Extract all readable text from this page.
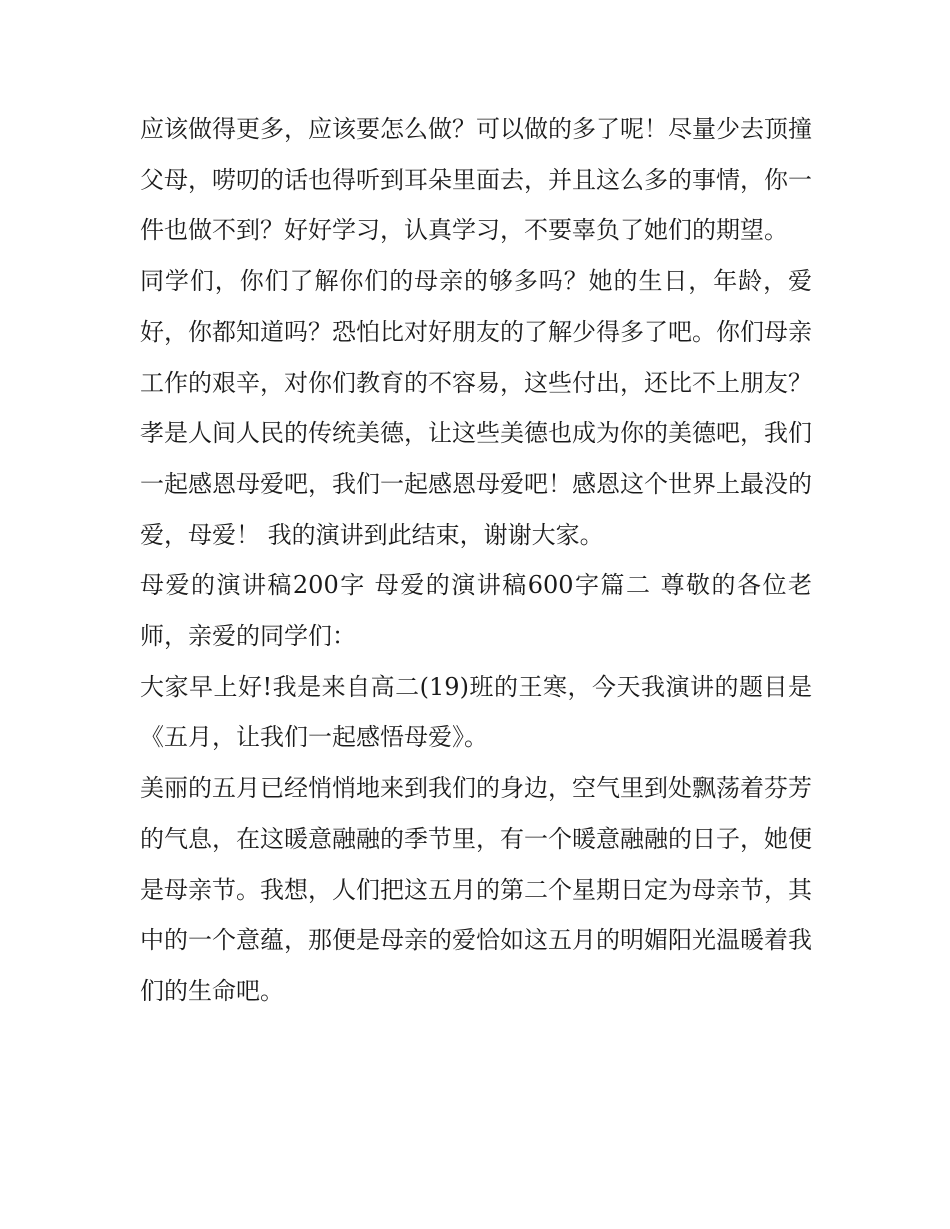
应该做得更多，应该要怎么做？可以做的多了呢！尽量少去顶撞父母，唠叨的话也得听到耳朵里面去，并且这么多的事情，你一件也做不到？好好学习，认真学习，不要辜负了她们的期望。

同学们，你们了解你们的母亲的够多吗？她的生日，年龄，爱好，你都知道吗？恐怕比对好朋友的了解少得多了吧。你们母亲工作的艰辛，对你们教育的不容易，这些付出，还比不上朋友？

孝是人间人民的传统美德，让这些美德也成为你的美德吧，我们一起感恩母爱吧，我们一起感恩母爱吧！感恩这个世界上最没的爱，母爱！ 我的演讲到此结束，谢谢大家。

母爱的演讲稿200字 母爱的演讲稿600字篇二 尊敬的各位老师，亲爱的同学们：

大家早上好!我是来自高二(19)班的王寒，今天我演讲的题目是《五月，让我们一起感悟母爱》。

美丽的五月已经悄悄地来到我们的身边，空气里到处飘荡着芬芳的气息，在这暖意融融的季节里，有一个暖意融融的日子，她便是母亲节。我想，人们把这五月的第二个星期日定为母亲节，其中的一个意蕴，那便是母亲的爱恰如这五月的明媚阳光温暖着我们的生命吧。
